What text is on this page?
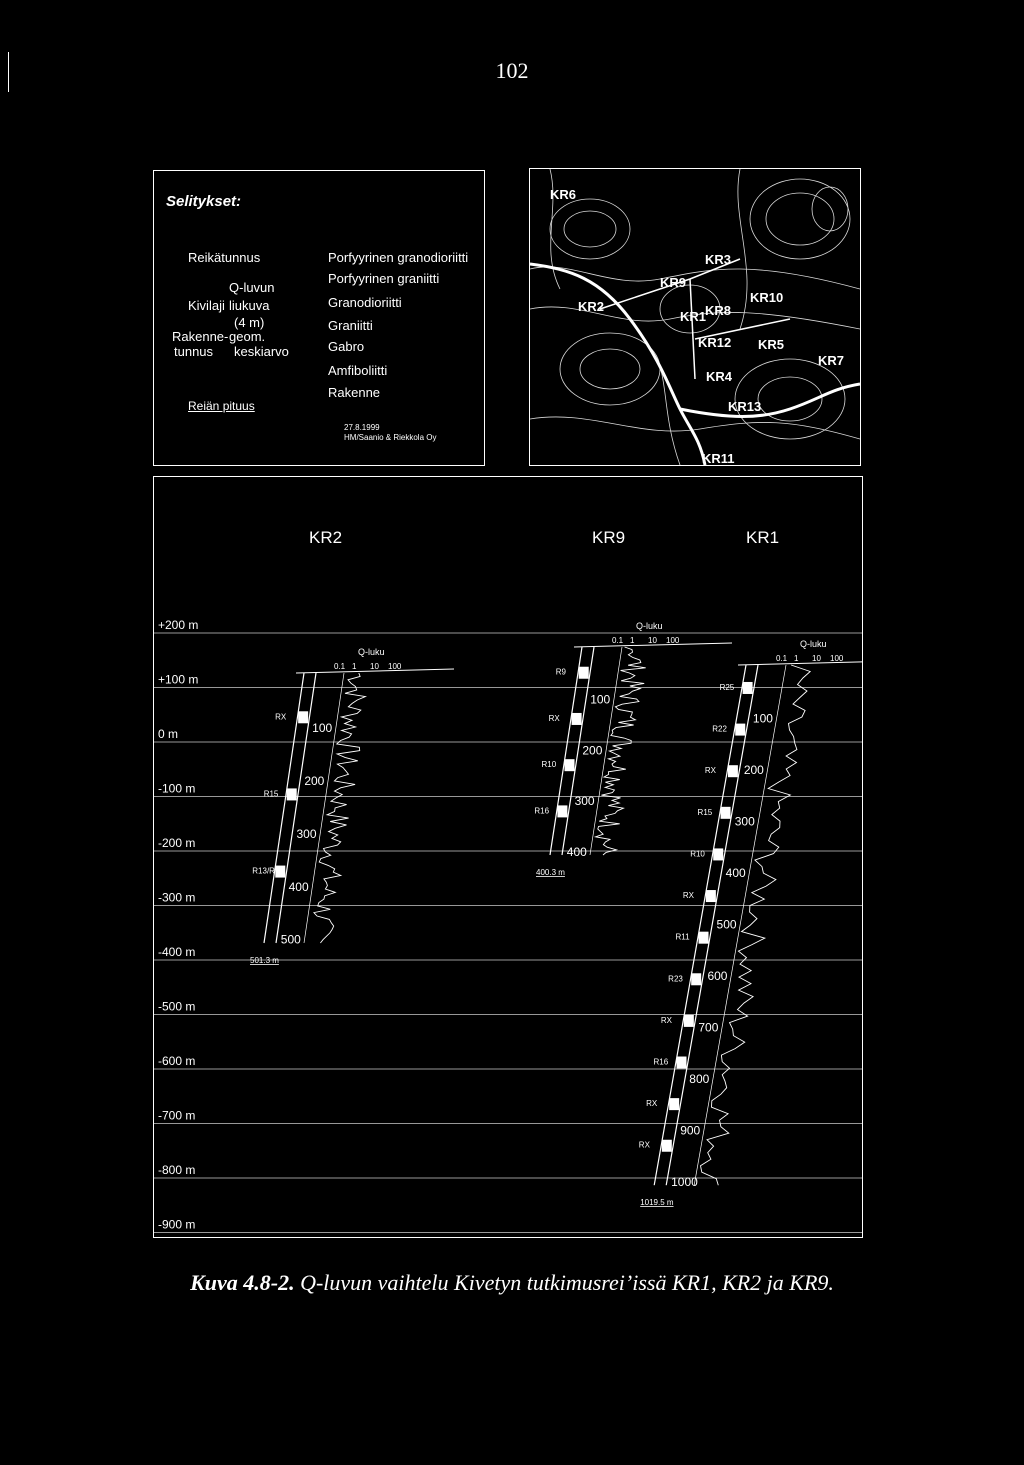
102
Selitykset:
Reikätunnus
Q-luvun
Kivilaji liukuva
(4 m)
Rakenne- geom.
tunnus keskiarvo
Reiän pituus
Porfyyrinen granodioriitti
Porfyyrinen graniitti
Granodioriitti
Graniitti
Gabro
Amfiboliitti
Rakenne
27.8.1999
HM/Saanio & Riekkola Oy
KR6
KR3
KR9
KR2
KR10
KR1
KR8
KR12 KR5
KR7
KR4
KR13
KR11
KR2	KR9	KR1
+200 m
+100 m
0 m
-100 m
-200 m
-300 m
-400 m
-500 m
-600 m
-700 m
-800 m
-900 m
Q-luku
0.1 1 10 100
100
200
300
400
500
RX
R15
R13/R17
501.3 m
Q-luku
0.1 1 10 100
100
200
300
400
R9
RX
R10
R16
400.3 m
Q-luku
0.1 1 10 100
100
200
300
400
500
600
700
800
900
1000
R25
R22
RX
R15
R10
RX
R11
R23
RX
R16
RX
RX
1019.5 m
Kuva 4.8-2. Q-luvun vaihtelu Kivetyn tutkimusrei’issä KR1, KR2 ja KR9.
